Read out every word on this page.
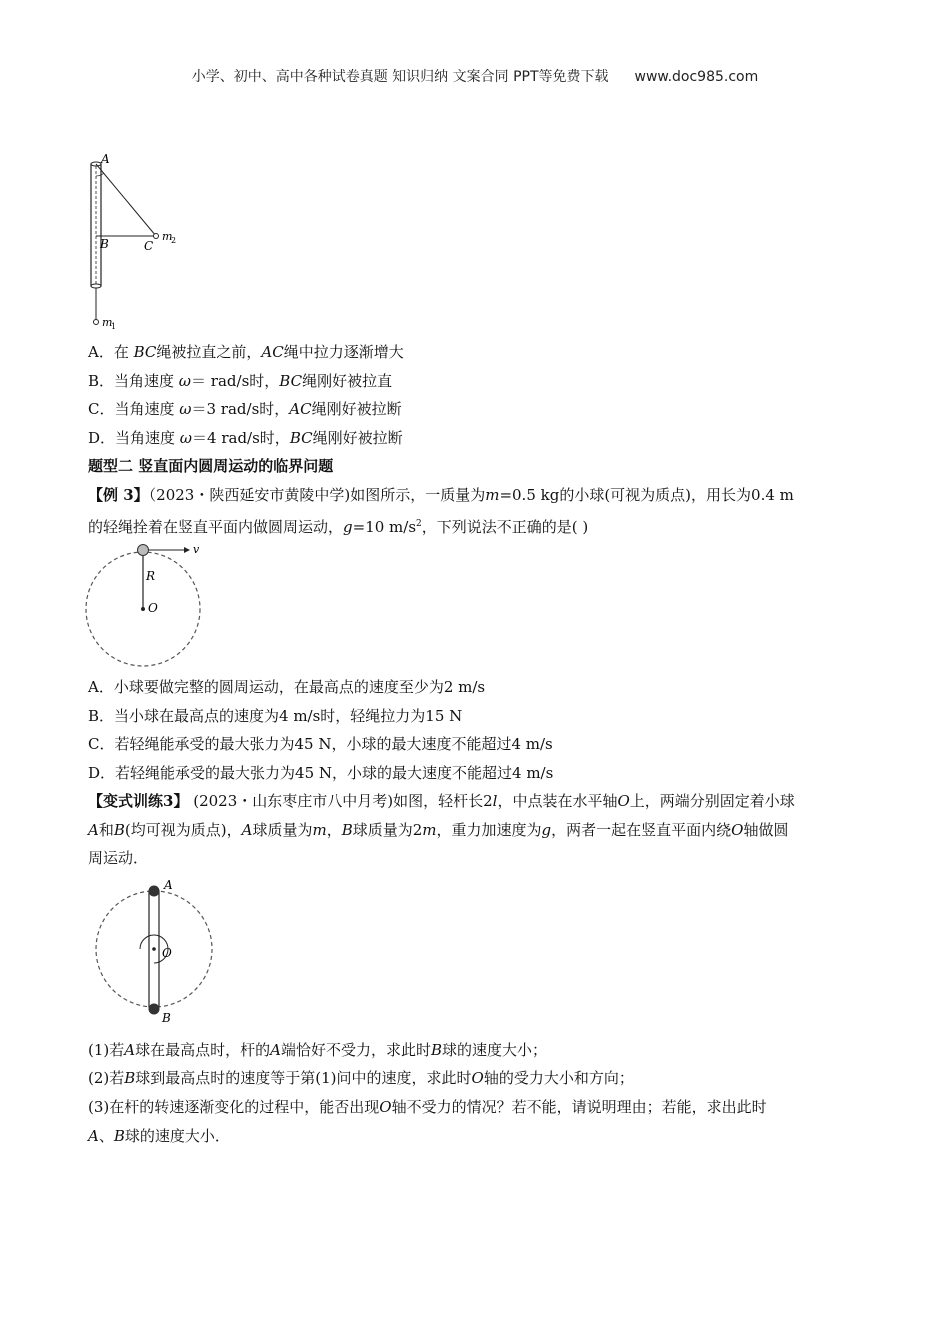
小学、初中、高中各种试卷真题 知识归纳 文案合同 PPT等免费下载 www.doc985.com
A
B	C
m
2
m
1
A．在 BC绳被拉直之前，AC绳中拉力逐渐增大
B．当角速度 ω＝ rad/s时，BC绳刚好被拉直
C．当角速度 ω＝3 rad/s时，AC绳刚好被拉断
D．当角速度 ω＝4 rad/s时，BC绳刚好被拉断
题型二 竖直面内圆周运动的临界问题
【例 3】（2023・陕西延安市黄陵中学)如图所示，一质量为m=0.5 kg的小球(可视为质点)，用长为0.4 m
的轻绳拴着在竖直平面内做圆周运动，g=10 $m/s^2$，下列说法不正确的是( )
v
R
O
A．小球要做完整的圆周运动，在最高点的速度至少为2 m/s
B．当小球在最高点的速度为4 m/s时，轻绳拉力为15 N
C．若轻绳能承受的最大张力为45 N，小球的最大速度不能超过4 m/s
D．若轻绳能承受的最大张力为45 N，小球的最大速度不能超过4 m/s
【变式训练3】 (2023・山东枣庄市八中月考)如图，轻杆长2l，中点装在水平轴O上，两端分别固定着小球
A和B(均可视为质点)，A球质量为m，B球质量为2m，重力加速度为g，两者一起在竖直平面内绕O轴做圆
周运动．
A
B
O
(1)若A球在最高点时，杆的A端恰好不受力，求此时B球的速度大小；
(2)若B球到最高点时的速度等于第(1)问中的速度，求此时O轴的受力大小和方向；
(3)在杆的转速逐渐变化的过程中，能否出现O轴不受力的情况？若不能，请说明理由；若能，求出此时
A、B球的速度大小．
